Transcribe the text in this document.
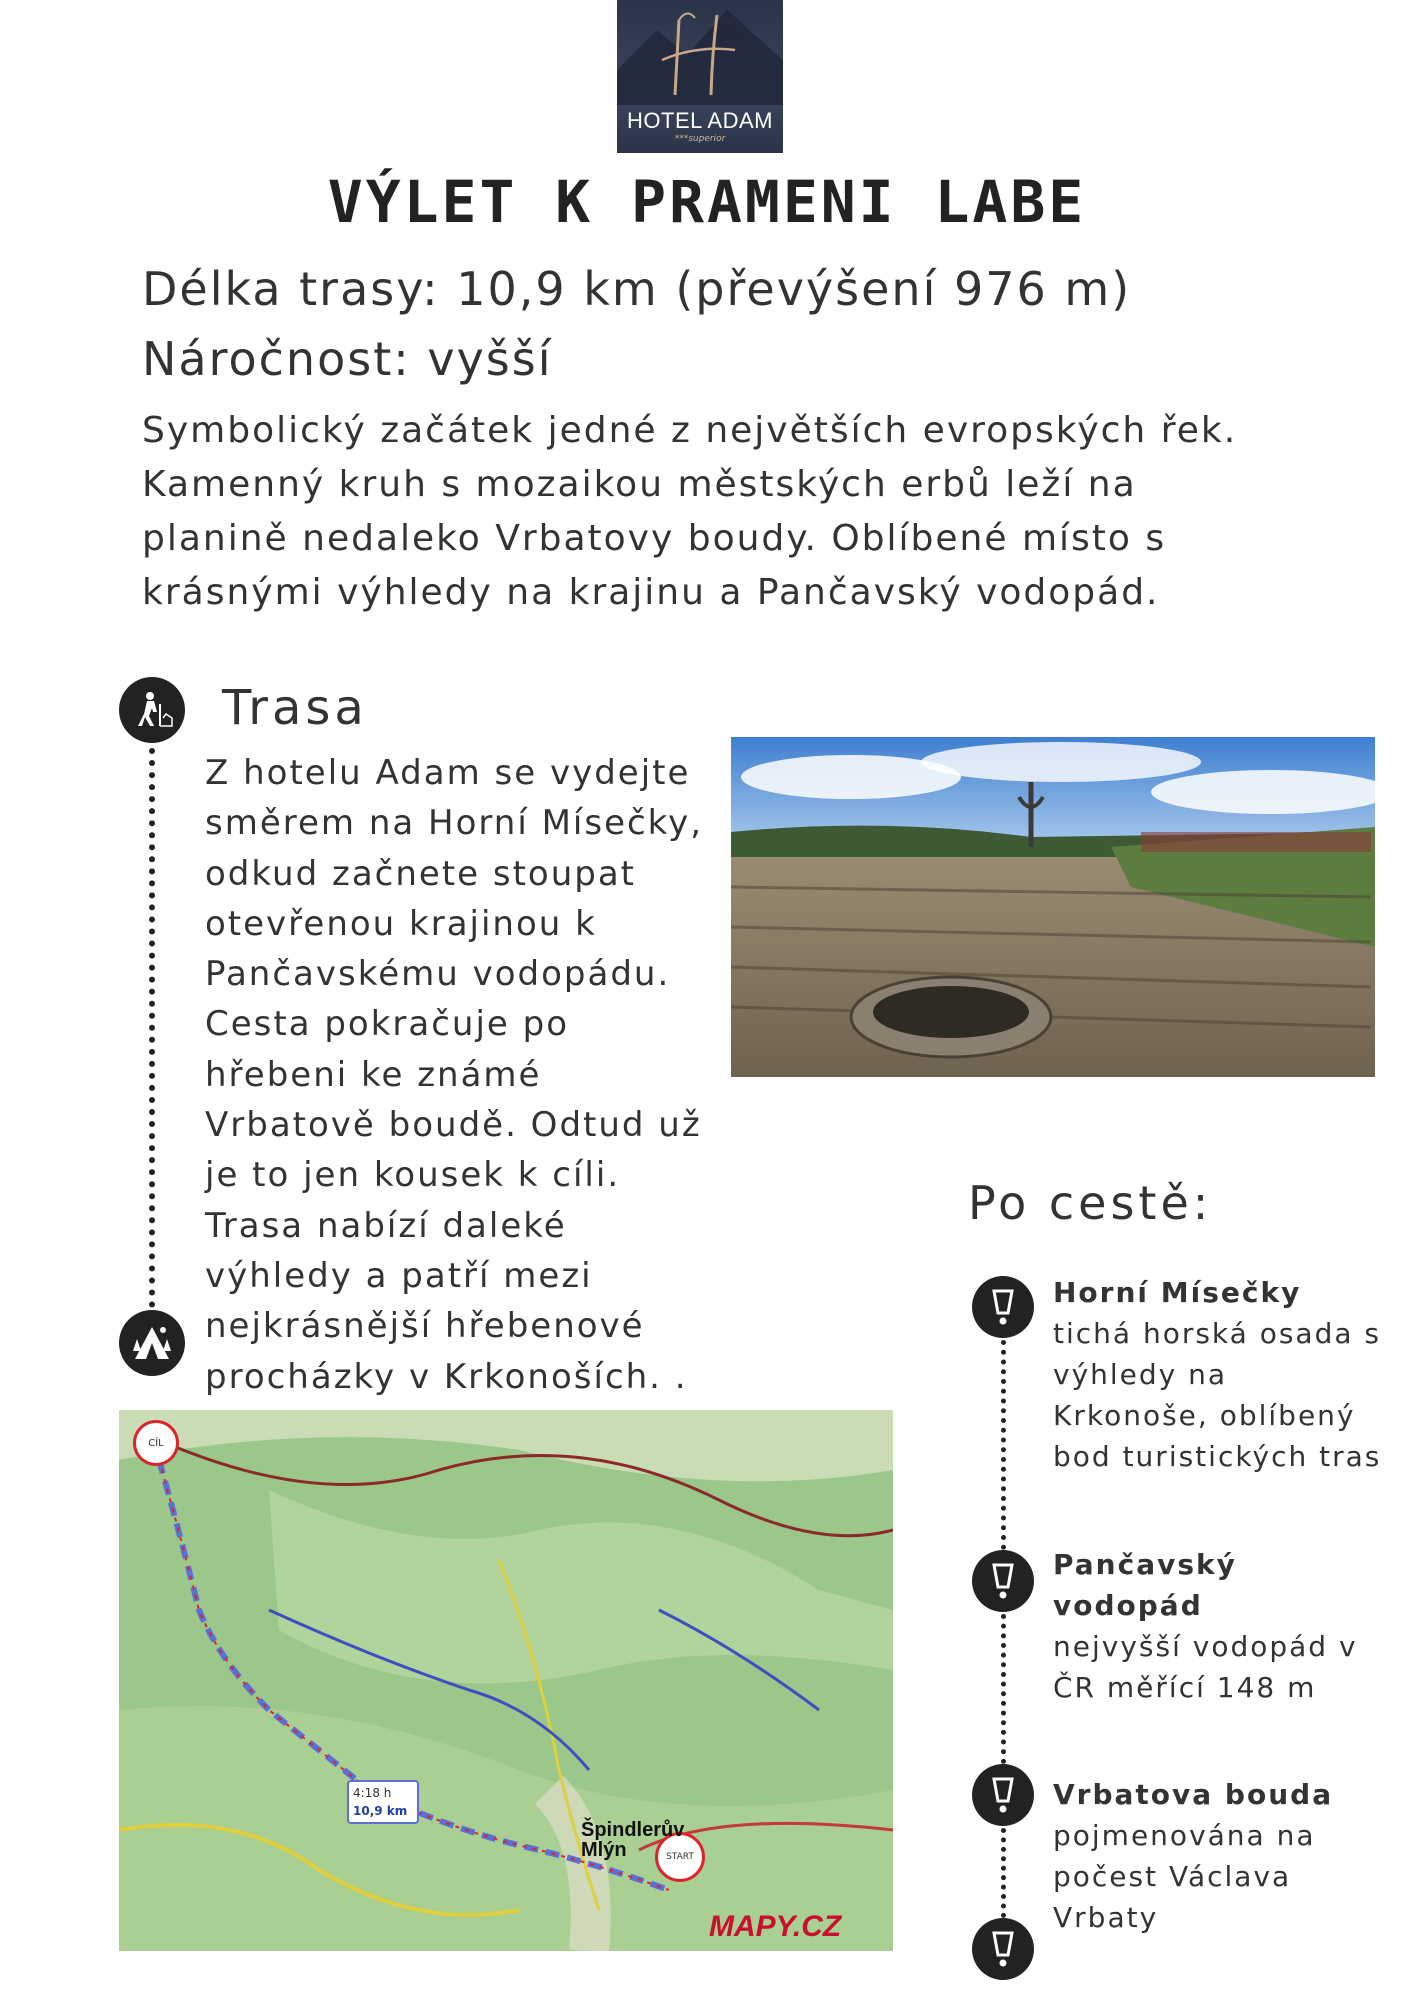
HOTEL ADAM
***superior
VÝLET K PRAMENI LABE
Délka trasy: 10,9 km (převýšení 976 m)
Náročnost: vyšší

Symbolický začátek jedné z největších evropských řek. Kamenný kruh s mozaikou městských erbů leží na planině nedaleko Vrbatovy boudy. Oblíbené místo s krásnými výhledy na krajinu a Pančavský vodopád.

Trasa

Z hotelu Adam se vydejte směrem na Horní Mísečky, odkud začnete stoupat otevřenou krajinou k Pančavskému vodopádu. Cesta pokračuje po hřebeni ke známé Vrbatově boudě. Odtud už je to jen kousek k cíli. Trasa nabízí daleké výhledy a patří mezi nejkrásnější hřebenové procházky v Krkonoších. .

CÍL
START
4:18 h
10,9 km
Špindlerův
Mlýn
MAPY.CZ
Po cestě:
Horní Mísečky
tichá horská osada s výhledy na Krkonoše, oblíbený bod turistických tras
Pančavský vodopád
nejvyšší vodopád v ČR měřící 148 m
Vrbatova bouda
pojmenována na počest Václava Vrbaty
